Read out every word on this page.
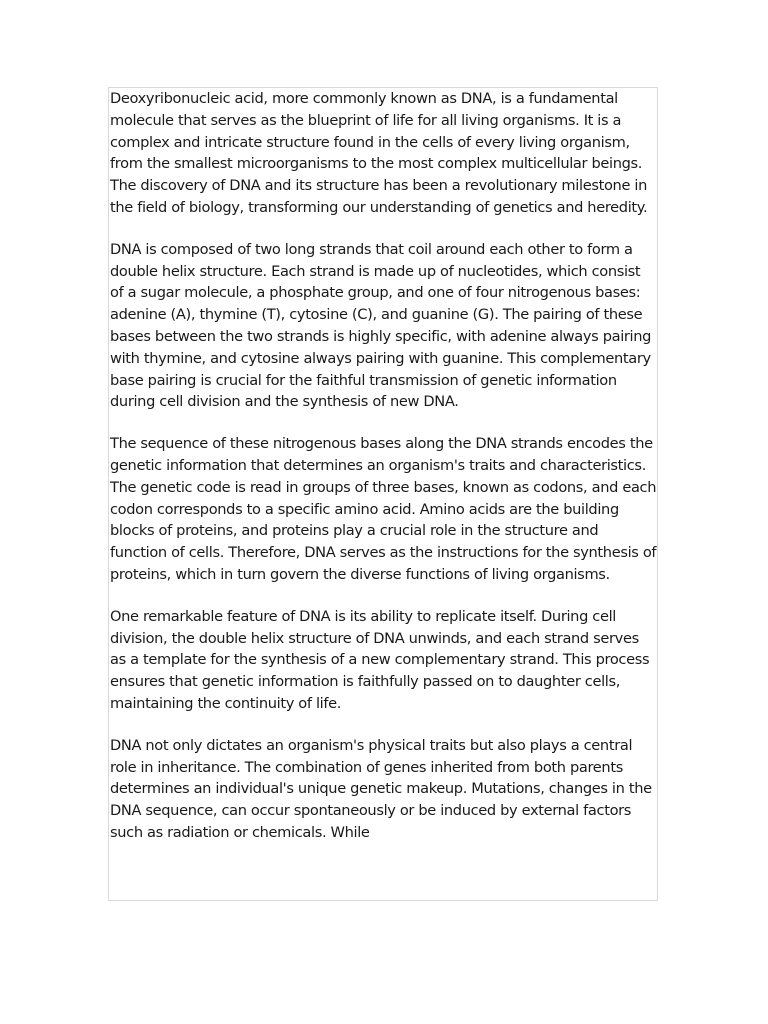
Deoxyribonucleic acid, more commonly known as DNA, is a fundamental molecule that serves as the blueprint of life for all living organisms. It is a complex and intricate structure found in the cells of every living organism, from the smallest microorganisms to the most complex multicellular beings. The discovery of DNA and its structure has been a revolutionary milestone in the field of biology, transforming our understanding of genetics and heredity.

DNA is composed of two long strands that coil around each other to form a double helix structure. Each strand is made up of nucleotides, which consist of a sugar molecule, a phosphate group, and one of four nitrogenous bases: adenine (A), thymine (T), cytosine (C), and guanine (G). The pairing of these bases between the two strands is highly specific, with adenine always pairing with thymine, and cytosine always pairing with guanine. This complementary base pairing is crucial for the faithful transmission of genetic information during cell division and the synthesis of new DNA.

The sequence of these nitrogenous bases along the DNA strands encodes the genetic information that determines an organism's traits and characteristics. The genetic code is read in groups of three bases, known as codons, and each codon corresponds to a specific amino acid. Amino acids are the building blocks of proteins, and proteins play a crucial role in the structure and function of cells. Therefore, DNA serves as the instructions for the synthesis of proteins, which in turn govern the diverse functions of living organisms.

One remarkable feature of DNA is its ability to replicate itself. During cell division, the double helix structure of DNA unwinds, and each strand serves as a template for the synthesis of a new complementary strand. This process ensures that genetic information is faithfully passed on to daughter cells, maintaining the continuity of life.

DNA not only dictates an organism's physical traits but also plays a central role in inheritance. The combination of genes inherited from both parents determines an individual's unique genetic makeup. Mutations, changes in the DNA sequence, can occur spontaneously or be induced by external factors such as radiation or chemicals. While
